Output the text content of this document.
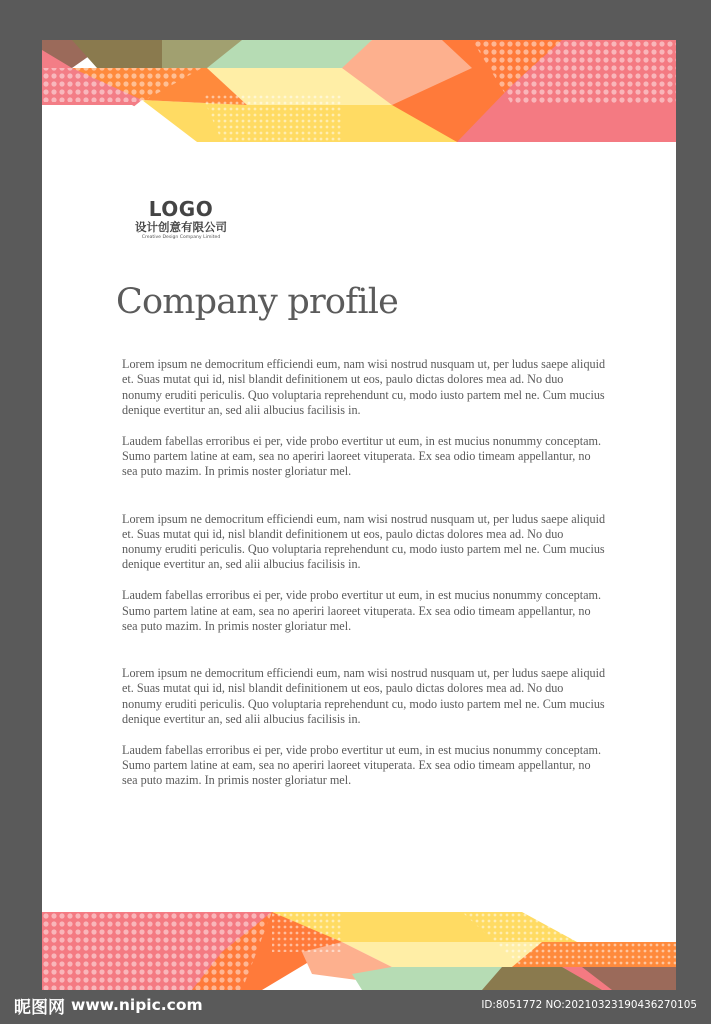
LOGO
设计创意有限公司
Creative Design Company Limited
Company profile

Lorem ipsum ne democritum efficiendi eum, nam wisi nostrud nusquam ut, per ludus saepe aliquid et. Suas mutat qui id, nisl blandit definitionem ut eos, paulo dictas dolores mea ad. No duo nonumy eruditi periculis. Quo voluptaria reprehendunt cu, modo iusto partem mel ne. Cum mucius denique evertitur an, sed alii albucius facilisis in.

Laudem fabellas erroribus ei per, vide probo evertitur ut eum, in est mucius nonummy conceptam. Sumo partem latine at eam, sea no aperiri laoreet vituperata. Ex sea odio timeam appellantur, no sea puto mazim. In primis noster gloriatur mel.

Lorem ipsum ne democritum efficiendi eum, nam wisi nostrud nusquam ut, per ludus saepe aliquid et. Suas mutat qui id, nisl blandit definitionem ut eos, paulo dictas dolores mea ad. No duo nonumy eruditi periculis. Quo voluptaria reprehendunt cu, modo iusto partem mel ne. Cum mucius denique evertitur an, sed alii albucius facilisis in.

Laudem fabellas erroribus ei per, vide probo evertitur ut eum, in est mucius nonummy conceptam. Sumo partem latine at eam, sea no aperiri laoreet vituperata. Ex sea odio timeam appellantur, no sea puto mazim. In primis noster gloriatur mel.

Lorem ipsum ne democritum efficiendi eum, nam wisi nostrud nusquam ut, per ludus saepe aliquid et. Suas mutat qui id, nisl blandit definitionem ut eos, paulo dictas dolores mea ad. No duo nonumy eruditi periculis. Quo voluptaria reprehendunt cu, modo iusto partem mel ne. Cum mucius denique evertitur an, sed alii albucius facilisis in.

Laudem fabellas erroribus ei per, vide probo evertitur ut eum, in est mucius nonummy conceptam. Sumo partem latine at eam, sea no aperiri laoreet vituperata. Ex sea odio timeam appellantur, no sea puto mazim. In primis noster gloriatur mel.

昵图网 www.nipic.com	ID:8051772 NO:20210323190436270105
